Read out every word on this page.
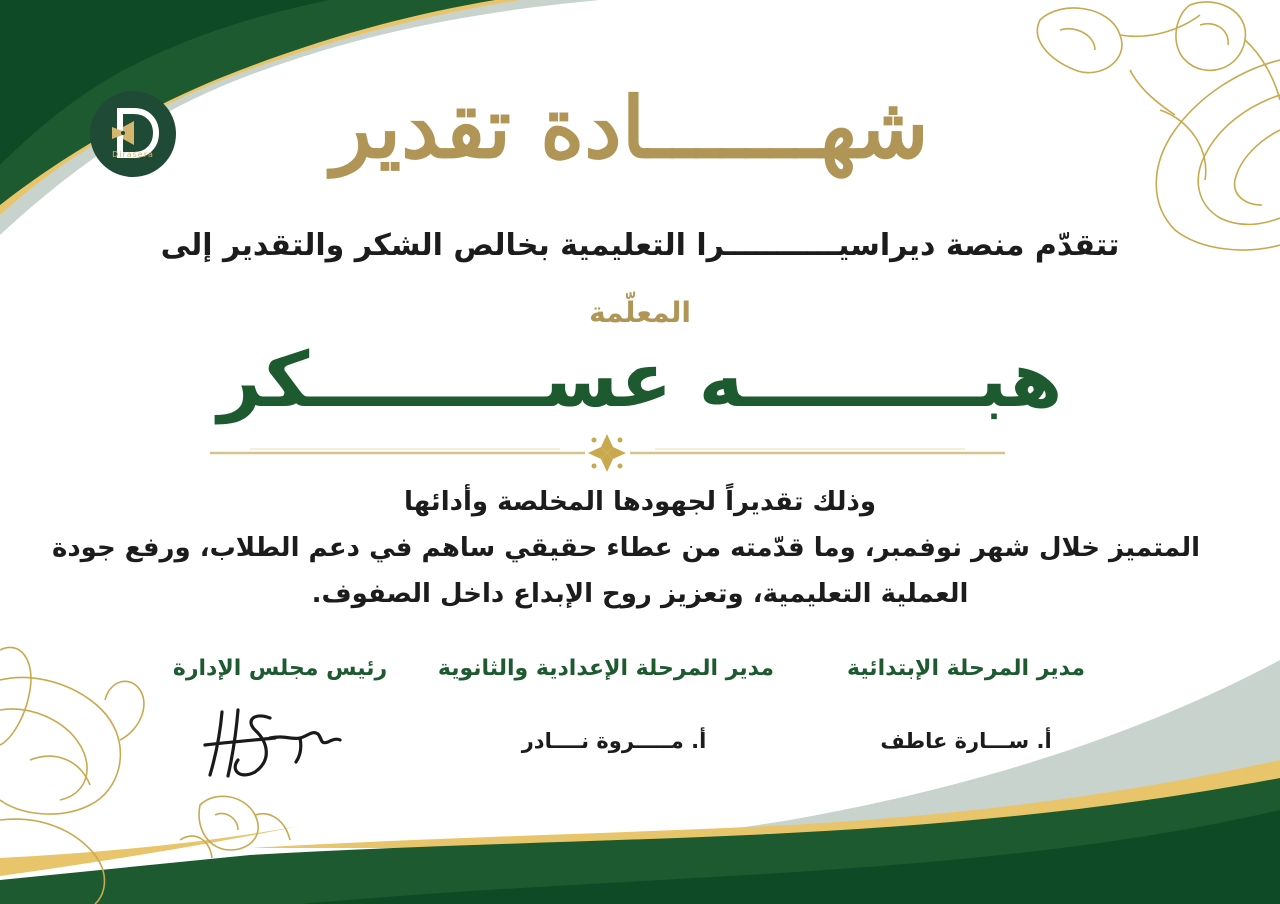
Dirasera	شهـــــــادة تقدير
تتقدّم منصة ديراسيـــــــــــرا التعليمية بخالص الشكر والتقدير إلى
المعلّمة
هبـــــــــه عســـــــــكر
وذلك تقديراً لجهودها المخلصة وأدائها
المتميز خلال شهر نوفمبر، وما قدّمته من عطاء حقيقي ساهم في دعم الطلاب، ورفع جودة
العملية التعليمية، وتعزيز روح الإبداع داخل الصفوف.
مدير المرحلة الإبتدائية
مدير المرحلة الإعدادية والثانوية
رئيس مجلس الإدارة
أ. ســـارة عاطف
أ. مـــــروة نــــادر
